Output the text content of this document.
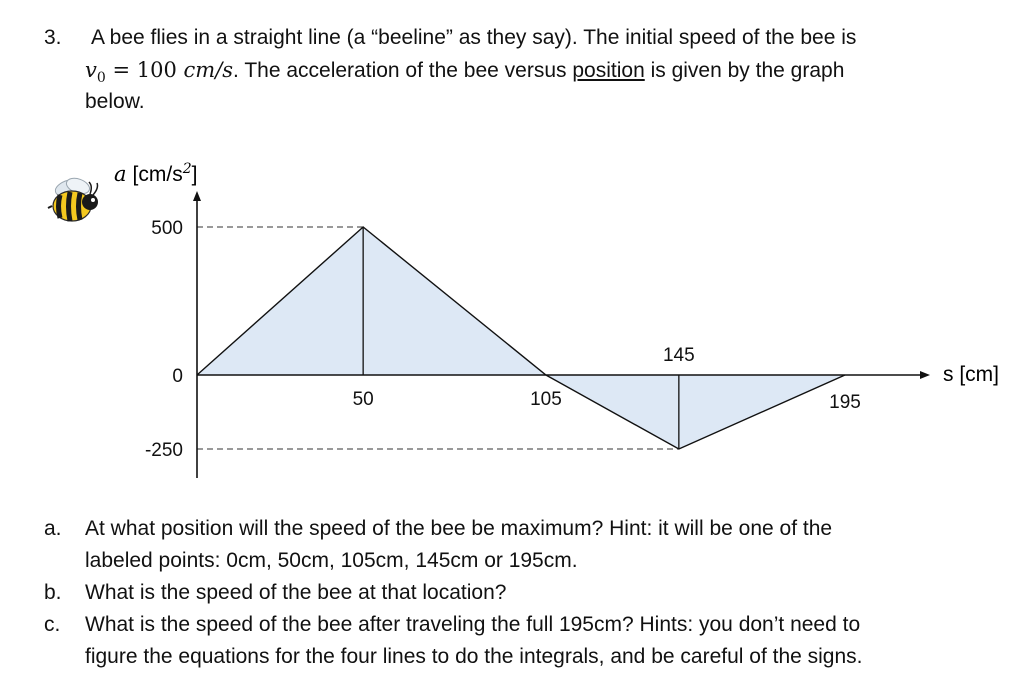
3. A bee flies in a straight line (a “beeline” as they say). The initial speed of the bee is
$v_0 = 100$ cm/s. The acceleration of the bee versus position is given by the graph
below.
500
0
-250
50	105
145
195
a $[cm/s^2]$
s [cm]
a. At what position will the speed of the bee be maximum? Hint: it will be one of the
labeled points: 0cm, 50cm, 105cm, 145cm or 195cm.
b. What is the speed of the bee at that location?
c. What is the speed of the bee after traveling the full 195cm? Hints: you don’t need to
figure the equations for the four lines to do the integrals, and be careful of the signs.
